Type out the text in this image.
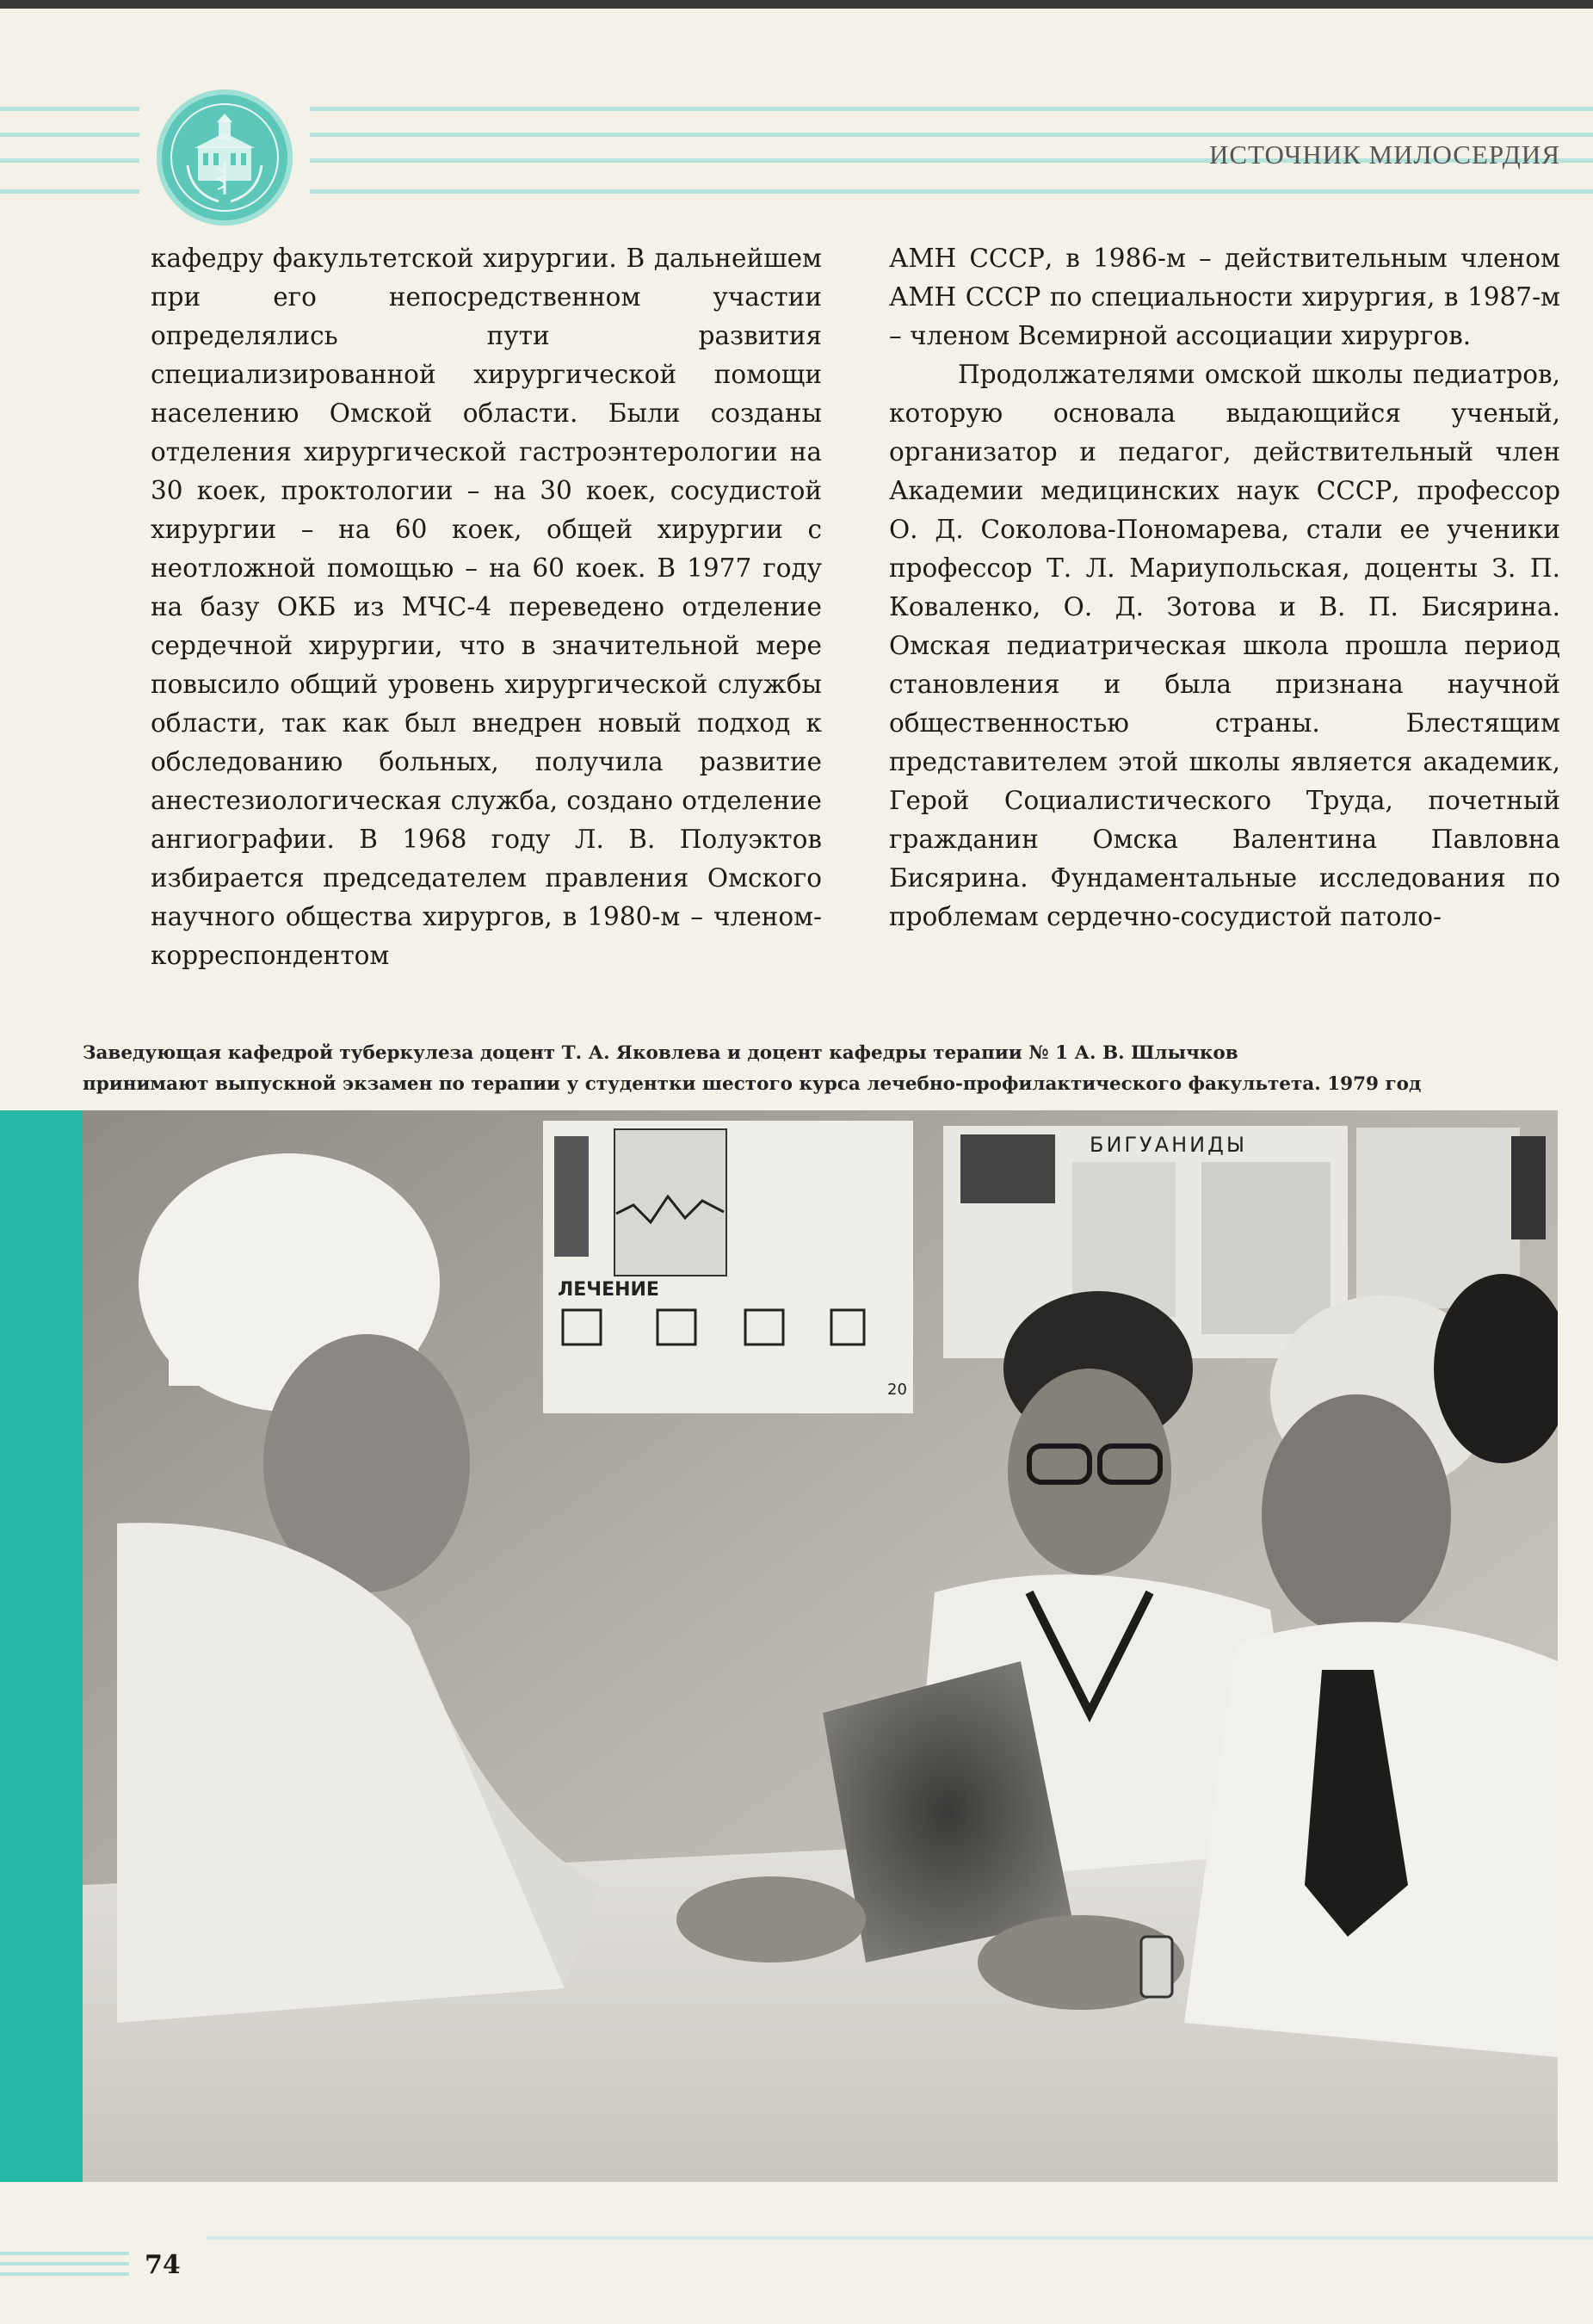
ИСТОЧНИК МИЛОСЕРДИЯ

кафедру факультетской хирургии. В дальнейшем при его непосредственном участии определялись пути развития специализированной хирургической помощи населению Омской области. Были созданы отделения хирургической гастроэнтерологии на 30 коек, проктологии – на 30 коек, сосудистой хирургии – на 60 коек, общей хирургии с неотложной помощью – на 60 коек. В 1977 году на базу ОКБ из МЧС-4 переведено отделение сердечной хирургии, что в значительной мере повысило общий уровень хирургической службы области, так как был внедрен новый подход к обследованию больных, получила развитие анестезиологическая служба, создано отделение ангиографии. В 1968 году Л. В. Полуэктов избирается председателем правления Омского научного общества хирургов, в 1980-м – членом-корреспондентом

АМН СССР, в 1986-м – действительным членом АМН СССР по специальности хирургия, в 1987-м – членом Всемирной ассоциации хирургов.

Продолжателями омской школы педиатров, которую основала выдающийся ученый, организатор и педагог, действительный член Академии медицинских наук СССР, профессор О. Д. Соколова-Пономарева, стали ее ученики профессор Т. Л. Мариупольская, доценты З. П. Коваленко, О. Д. Зотова и В. П. Бисярина. Омская педиатрическая школа прошла период становления и была признана научной общественностью страны. Блестящим представителем этой школы является академик, Герой Социалистического Труда, почетный гражданин Омска Валентина Павловна Бисярина. Фундаментальные исследования по проблемам сердечно-сосудистой патоло-

Заведующая кафедрой туберкулеза доцент Т. А. Яковлева и доцент кафедры терапии № 1 А. В. Шлычков
принимают выпускной экзамен по терапии у студентки шестого курса лечебно-профилактического факультета. 1979 год
ЛЕЧЕНИЕ
20
БИГУАНИДЫ
74
